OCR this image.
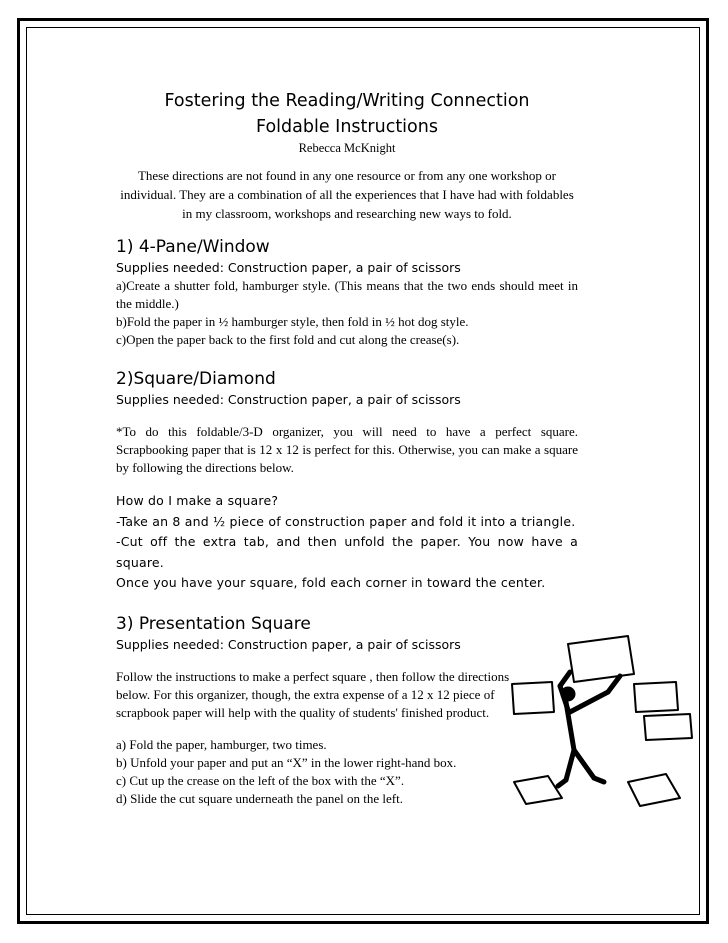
Fostering the Reading/Writing Connection

Foldable Instructions

Rebecca McKnight

These directions are not found in any one resource or from any one workshop or individual. They are a combination of all the experiences that I have had with foldables in my classroom, workshops and researching new ways to fold.

1) 4-Pane/Window

Supplies needed: Construction paper, a pair of scissors

a)Create a shutter fold, hamburger style. (This means that the two ends should meet in the middle.)

b)Fold the paper in ½ hamburger style, then fold in ½ hot dog style.

c)Open the paper back to the first fold and cut along the crease(s).

2)Square/Diamond

Supplies needed: Construction paper, a pair of scissors

*To do this foldable/3-D organizer, you will need to have a perfect square. Scrapbooking paper that is 12 x 12 is perfect for this. Otherwise, you can make a square by following the directions below.

How do I make a square?

-Take an 8 and ½ piece of construction paper and fold it into a triangle.

-Cut off the extra tab, and then unfold the paper. You now have a square.

Once you have your square, fold each corner in toward the center.

3) Presentation Square

Supplies needed: Construction paper, a pair of scissors

Follow the instructions to make a perfect square , then follow the directions below. For this organizer, though, the extra expense of a 12 x 12 piece of scrapbook paper will help with the quality of students' finished product.

a) Fold the paper, hamburger, two times.

b) Unfold your paper and put an “X” in the lower right-hand box.

c) Cut up the crease on the left of the box with the “X”.

d) Slide the cut square underneath the panel on the left.
